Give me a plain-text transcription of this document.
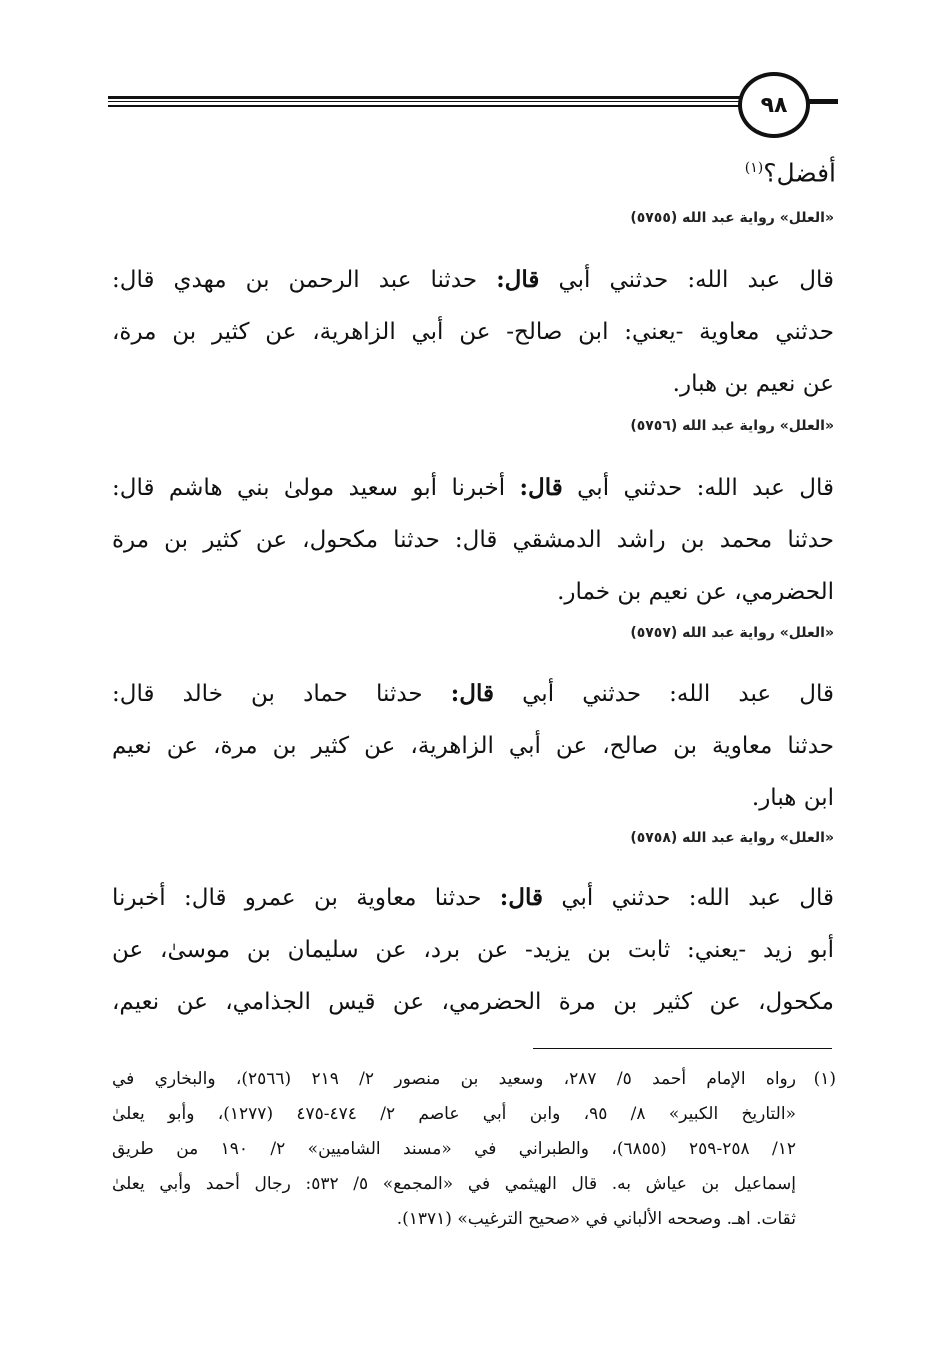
٩٨
أفضل؟$^{(١)}$
«العلل» رواية عبد الله (٥٧٥٥)
قال عبد الله: حدثني أبي قال: حدثنا عبد الرحمن بن مهدي قال:
حدثني معاوية -يعني: ابن صالح- عن أبي الزاهرية، عن كثير بن مرة،
عن نعيم بن هبار.
«العلل» رواية عبد الله (٥٧٥٦)
قال عبد الله: حدثني أبي قال: أخبرنا أبو سعيد مولىٰ بني هاشم قال:
حدثنا محمد بن راشد الدمشقي قال: حدثنا مكحول، عن كثير بن مرة
الحضرمي، عن نعيم بن خمار.
«العلل» رواية عبد الله (٥٧٥٧)
قال عبد الله: حدثني أبي قال: حدثنا حماد بن خالد قال:
حدثنا معاوية بن صالح، عن أبي الزاهرية، عن كثير بن مرة، عن نعيم
ابن هبار.
«العلل» رواية عبد الله (٥٧٥٨)
قال عبد الله: حدثني أبي قال: حدثنا معاوية بن عمرو قال: أخبرنا
أبو زيد -يعني: ثابت بن يزيد- عن برد، عن سليمان بن موسىٰ، عن
مكحول، عن كثير بن مرة الحضرمي، عن قيس الجذامي، عن نعيم،
(١)
رواه الإمام أحمد ٥/ ٢٨٧، وسعيد بن منصور ٢/ ٢١٩ (٢٥٦٦)، والبخاري في
«التاريخ الكبير» ٨/ ٩٥، وابن أبي عاصم ٢/ ٤٧٤-٤٧٥ (١٢٧٧)، وأبو يعلىٰ
١٢/ ٢٥٨-٢٥٩ (٦٨٥٥)، والطبراني في «مسند الشاميين» ٢/ ١٩٠ من طريق
إسماعيل بن عياش به. قال الهيثمي في «المجمع» ٥/ ٥٣٢: رجال أحمد وأبي يعلىٰ
ثقات. اهـ. وصححه الألباني في «صحيح الترغيب» (١٣٧١).
